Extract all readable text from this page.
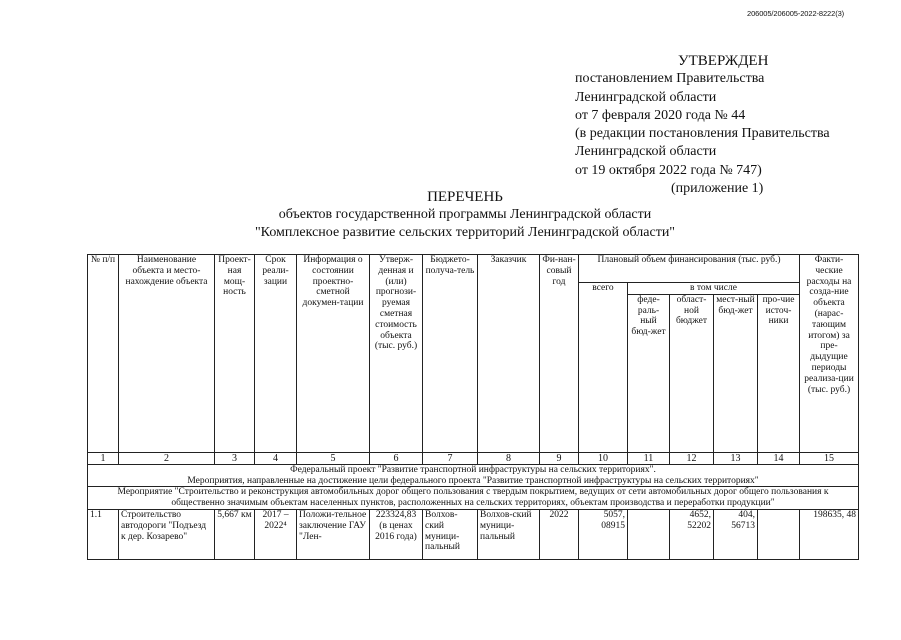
206005/206005-2022-8222(3)
УТВЕРЖДЕН
постановлением Правительства
Ленинградской области
от 7 февраля 2020 года № 44
(в редакции постановления Правительства
Ленинградской области
от 19 октября 2022 года № 747)
(приложение 1)
ПЕРЕЧЕНЬ
объектов государственной программы Ленинградской области
"Комплексное развитие сельских территорий Ленинградской области"
№ п/п	Наименование объекта и место-нахождение объекта	Проект-ная мощ-ность	Срок реали-зации	Информация о состоянии проектно-сметной докумен-тации	Утверж-денная и (или) прогнози-руемая сметная стоимость объекта (тыс. руб.)	Бюджето-получа-тель	Заказчик	Фи-нан-совый год	Плановый объем финансирования (тыс. руб.)					Факти-ческие расходы на созда-ние объекта (нарас-тающим итогом) за пре-дыдущие периоды реализа-ции (тыс. руб.)
									всего	в том числе				
										феде-раль-ный бюд-жет	област-ной бюджет	мест-ный бюд-жет	про-чие источ-ники	
1	2	3	4	5	6	7	8	9	10	11	12	13	14	15

Федеральный проект "Развитие транспортной инфраструктуры на сельских территориях".
Мероприятия, направленные на достижение цели федерального проекта "Развитие транспортной инфраструктуры на сельских территориях"														

Мероприятие "Строительство и реконструкция автомобильных дорог общего пользования с твердым покрытием, ведущих от сети автомобильных дорог общего пользования к общественно значимым объектам населенных пунктов, расположенных на сельских территориях, объектам производства и переработки продукции"														
1.1	Строительство автодороги "Подъезд к дер. Козарево"	5,667 км	2017 – 2022⁴	Положи-тельное заключение ГАУ "Лен-	223324,83 (в ценах 2016 года)	Волхов-ский муници-пальный	Волхов-ский муници-пальный	2022	5057, 08915		4652, 52202	404, 56713		198635, 48
